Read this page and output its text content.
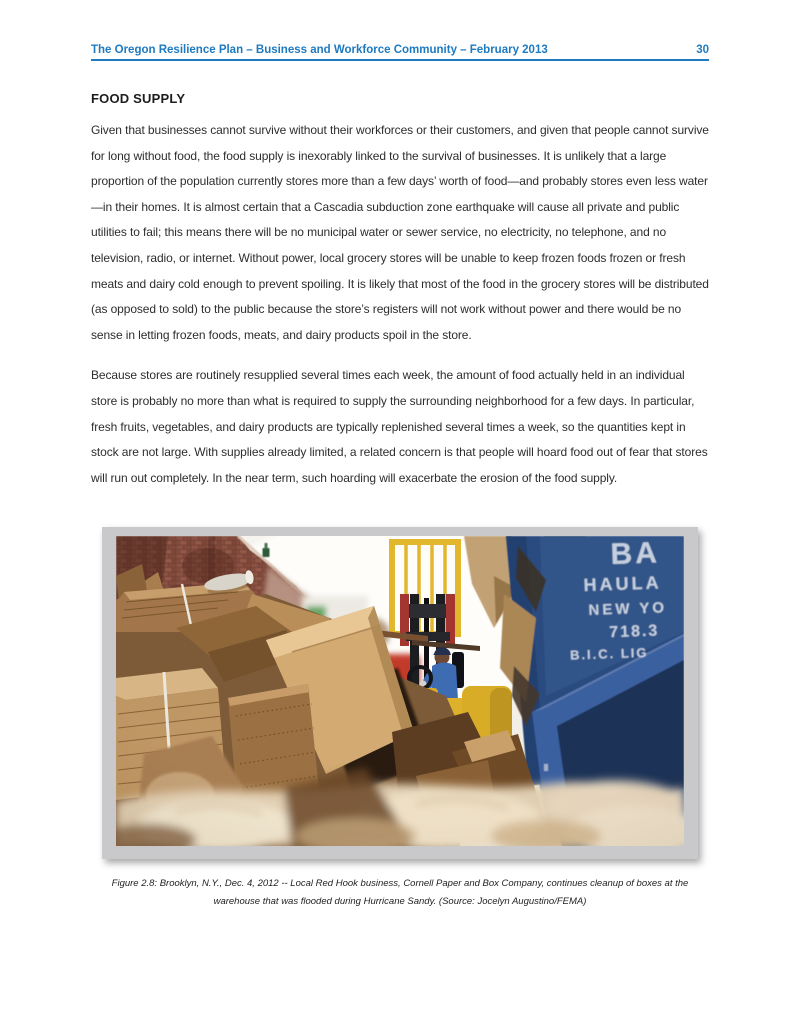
The Oregon Resilience Plan – Business and Workforce Community – February 2013	30
FOOD SUPPLY

Given that businesses cannot survive without their workforces or their customers, and given that people cannot survive for long without food, the food supply is inexorably linked to the survival of businesses. It is unlikely that a large proportion of the population currently stores more than a few days’ worth of food—and probably stores even less water—in their homes. It is almost certain that a Cascadia subduction zone earthquake will cause all private and public utilities to fail; this means there will be no municipal water or sewer service, no electricity, no telephone, and no television, radio, or internet. Without power, local grocery stores will be unable to keep frozen foods frozen or fresh meats and dairy cold enough to prevent spoiling. It is likely that most of the food in the grocery stores will be distributed (as opposed to sold) to the public because the store’s registers will not work without power and there would be no sense in letting frozen foods, meats, and dairy products spoil in the store.

Because stores are routinely resupplied several times each week, the amount of food actually held in an individual store is probably no more than what is required to supply the surrounding neighborhood for a few days. In particular, fresh fruits, vegetables, and dairy products are typically replenished several times a week, so the quantities kept in stock are not large. With supplies already limited, a related concern is that people will hoard food out of fear that stores will run out completely. In the near term, such hoarding will exacerbate the erosion of the food supply.

Figure 2.8: Brooklyn, N.Y., Dec. 4, 2012 -- Local Red Hook business, Cornell Paper and Box Company, continues cleanup of boxes at the warehouse that was flooded during Hurricane Sandy. (Source: Jocelyn Augustino/FEMA)
